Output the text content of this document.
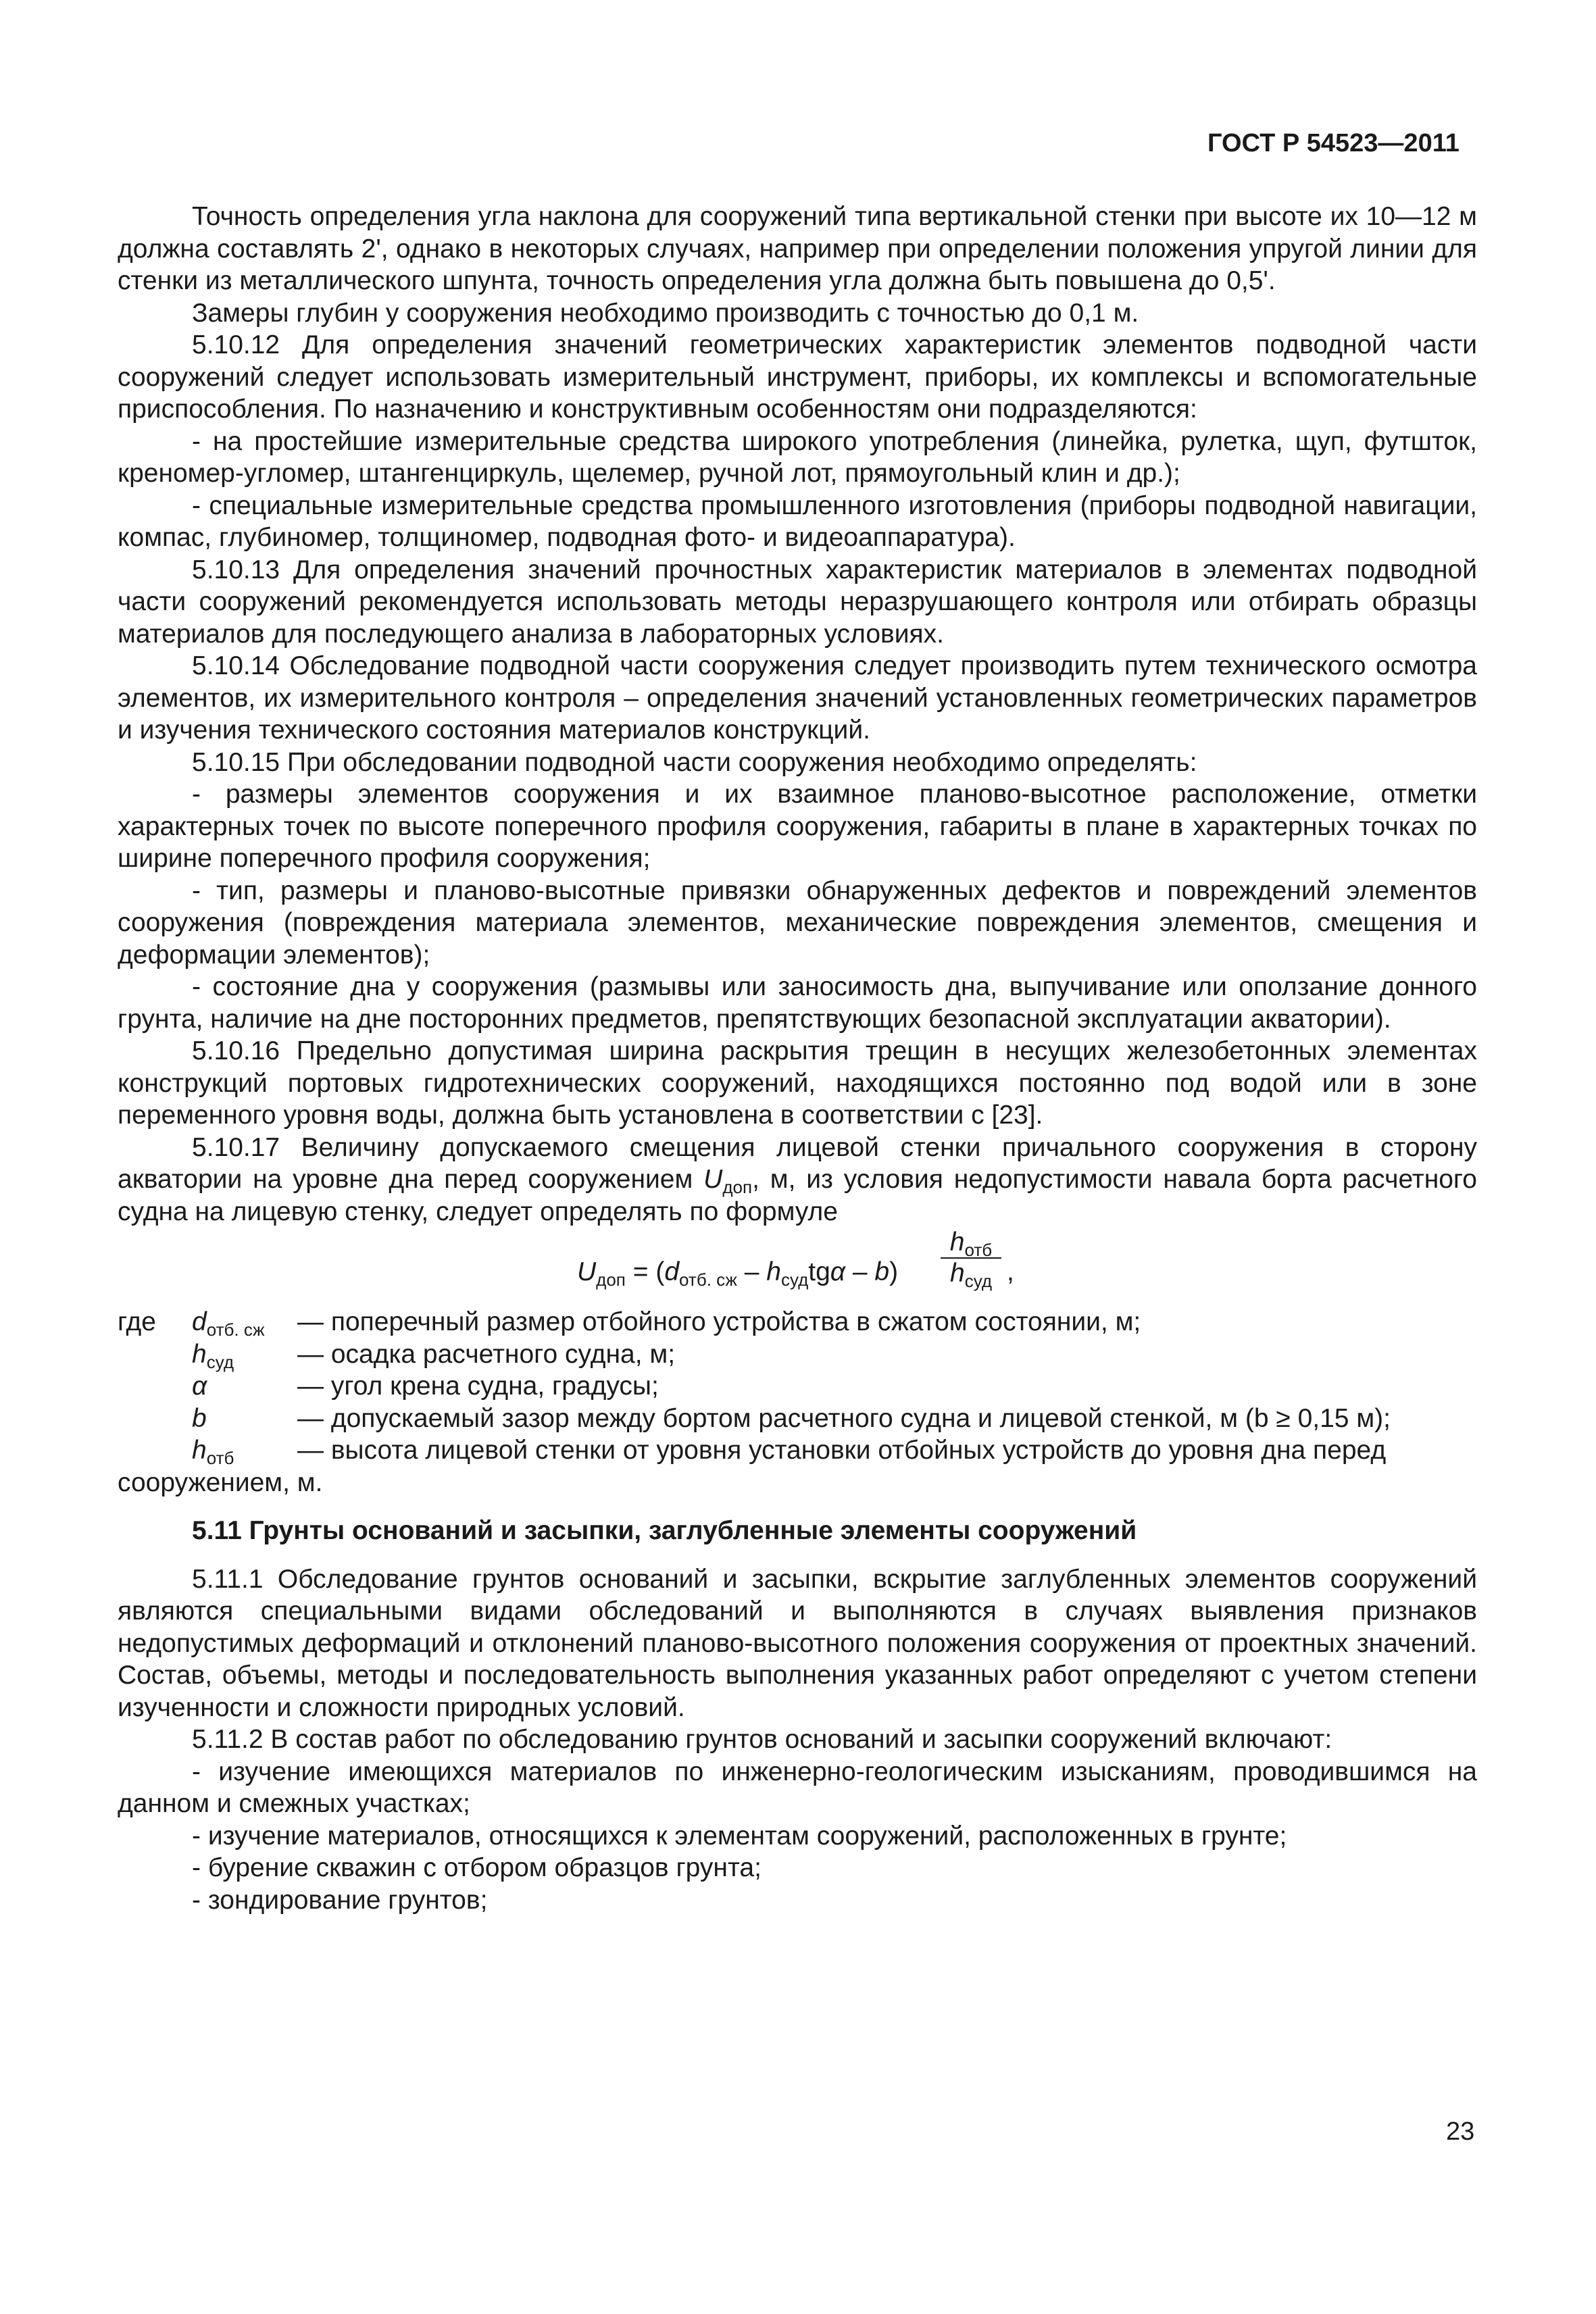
ГОСТ Р 54523—2011

Точность определения угла наклона для сооружений типа вертикальной стенки при высоте их 10—12 м должна составлять 2', однако в некоторых случаях, например при определении положения упругой линии для стенки из металлического шпунта, точность определения угла должна быть повышена до 0,5'.

Замеры глубин у сооружения необходимо производить с точностью до 0,1 м.

5.10.12 Для определения значений геометрических характеристик элементов подводной части сооружений следует использовать измерительный инструмент, приборы, их комплексы и вспомогательные приспособления. По назначению и конструктивным особенностям они подразделяются:

- на простейшие измерительные средства широкого употребления (линейка, рулетка, щуп, футшток, креномер-угломер, штангенциркуль, щелемер, ручной лот, прямоугольный клин и др.);

- специальные измерительные средства промышленного изготовления (приборы подводной навигации, компас, глубиномер, толщиномер, подводная фото- и видеоаппаратура).

5.10.13 Для определения значений прочностных характеристик материалов в элементах подводной части сооружений рекомендуется использовать методы неразрушающего контроля или отбирать образцы материалов для последующего анализа в лабораторных условиях.

5.10.14 Обследование подводной части сооружения следует производить путем технического осмотра элементов, их измерительного контроля – определения значений установленных геометрических параметров и изучения технического состояния материалов конструкций.

5.10.15 При обследовании подводной части сооружения необходимо определять:

- размеры элементов сооружения и их взаимное планово-высотное расположение, отметки характерных точек по высоте поперечного профиля сооружения, габариты в плане в характерных точках по ширине поперечного профиля сооружения;

- тип, размеры и планово-высотные привязки обнаруженных дефектов и повреждений элементов сооружения (повреждения материала элементов, механические повреждения элементов, смещения и деформации элементов);

- состояние дна у сооружения (размывы или заносимость дна, выпучивание или оползание донного грунта, наличие на дне посторонних предметов, препятствующих безопасной эксплуатации акватории).

5.10.16 Предельно допустимая ширина раскрытия трещин в несущих железобетонных элементах конструкций портовых гидротехнических сооружений, находящихся постоянно под водой или в зоне переменного уровня воды, должна быть установлена в соответствии с [23].

5.10.17 Величину допускаемого смещения лицевой стенки причального сооружения в сторону акватории на уровне дна перед сооружением $U_{доп}$, м, из условия недопустимости навала борта расчетного судна на лицевую стенку, следует определять по формуле

$U_{доп} = (d_{отб. сж} - h_{суд}tg\alpha - b)$
$h_{отб}$
$h_{суд}$ ,
где	$d_{отб. сж}$	— поперечный размер отбойного устройства в сжатом состоянии, м;
$h_{суд}$	— осадка расчетного судна, м;
α	— угол крена судна, градусы;
b	— допускаемый зазор между бортом расчетного судна и лицевой стенкой, м (b ≥ 0,15 м);
$h_{отб}$	— высота лицевой стенки от уровня установки отбойных устройств до уровня дна перед

сооружением, м.

5.11 Грунты оснований и засыпки, заглубленные элементы сооружений

5.11.1 Обследование грунтов оснований и засыпки, вскрытие заглубленных элементов сооружений являются специальными видами обследований и выполняются в случаях выявления признаков недопустимых деформаций и отклонений планово-высотного положения сооружения от проектных значений. Состав, объемы, методы и последовательность выполнения указанных работ определяют с учетом степени изученности и сложности природных условий.

5.11.2 В состав работ по обследованию грунтов оснований и засыпки сооружений включают:

- изучение имеющихся материалов по инженерно-геологическим изысканиям, проводившимся на данном и смежных участках;

- изучение материалов, относящихся к элементам сооружений, расположенных в грунте;

- бурение скважин с отбором образцов грунта;

- зондирование грунтов;

23
